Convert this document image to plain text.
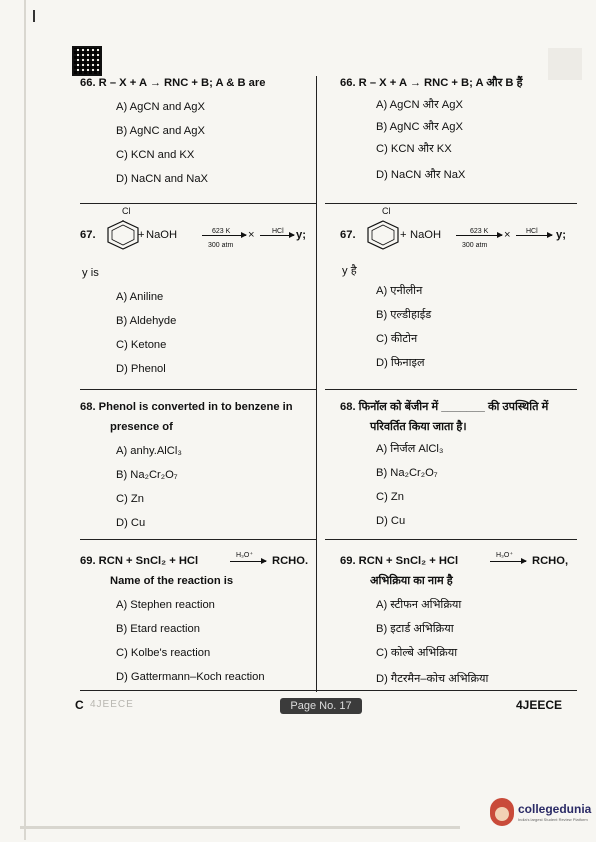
66. R – X + A → RNC + B; A & B are
A) AgCN and AgX
B) AgNC and AgX
C) KCN and KX
D) NaCN and NaX
Cl
67.	+ NaOH	623 K
300 atm
× HCl → y;
y is
A) Aniline
B) Aldehyde
C) Ketone
D) Phenol
68. Phenol is converted in to benzene in
presence of
A) anhy.AlCl₃
B) Na₂Cr₂O₇
C) Zn
D) Cu
69. RCN + SnCl₂ + HCl	H₃O⁺ → RCHO.
Name of the reaction is
A) Stephen reaction
B) Etard reaction
C) Kolbe's reaction
D) Gattermann–Koch reaction
66. R – X + A → RNC + B; A और B हैं
A) AgCN और AgX
B) AgNC और AgX
C) KCN और KX
D) NaCN और NaX
Cl
67.	+ NaOH	623 K
300 atm
× HCl → y;
y है
A) एनीलीन
B) एल्डीहाईड
C) कीटोन
D) फिनाइल
68. फिनॉल को बेंजीन में _______ की उपस्थिति में
परिवर्तित किया जाता है।
A) निर्जल AlCl₃
B) Na₂Cr₂O₇
C) Zn
D) Cu
69. RCN + SnCl₂ + HCl	H₃O⁺ → RCHO,
अभिक्रिया का नाम है
A) स्टीफन अभिक्रिया
B) इटार्ड अभिक्रिया
C) कोल्बे अभिक्रिया
D) गैटरमैन–कोच अभिक्रिया
C 4JEECE	Page No. 17	4JEECE
collegedunia
India's largest Student Review Platform
